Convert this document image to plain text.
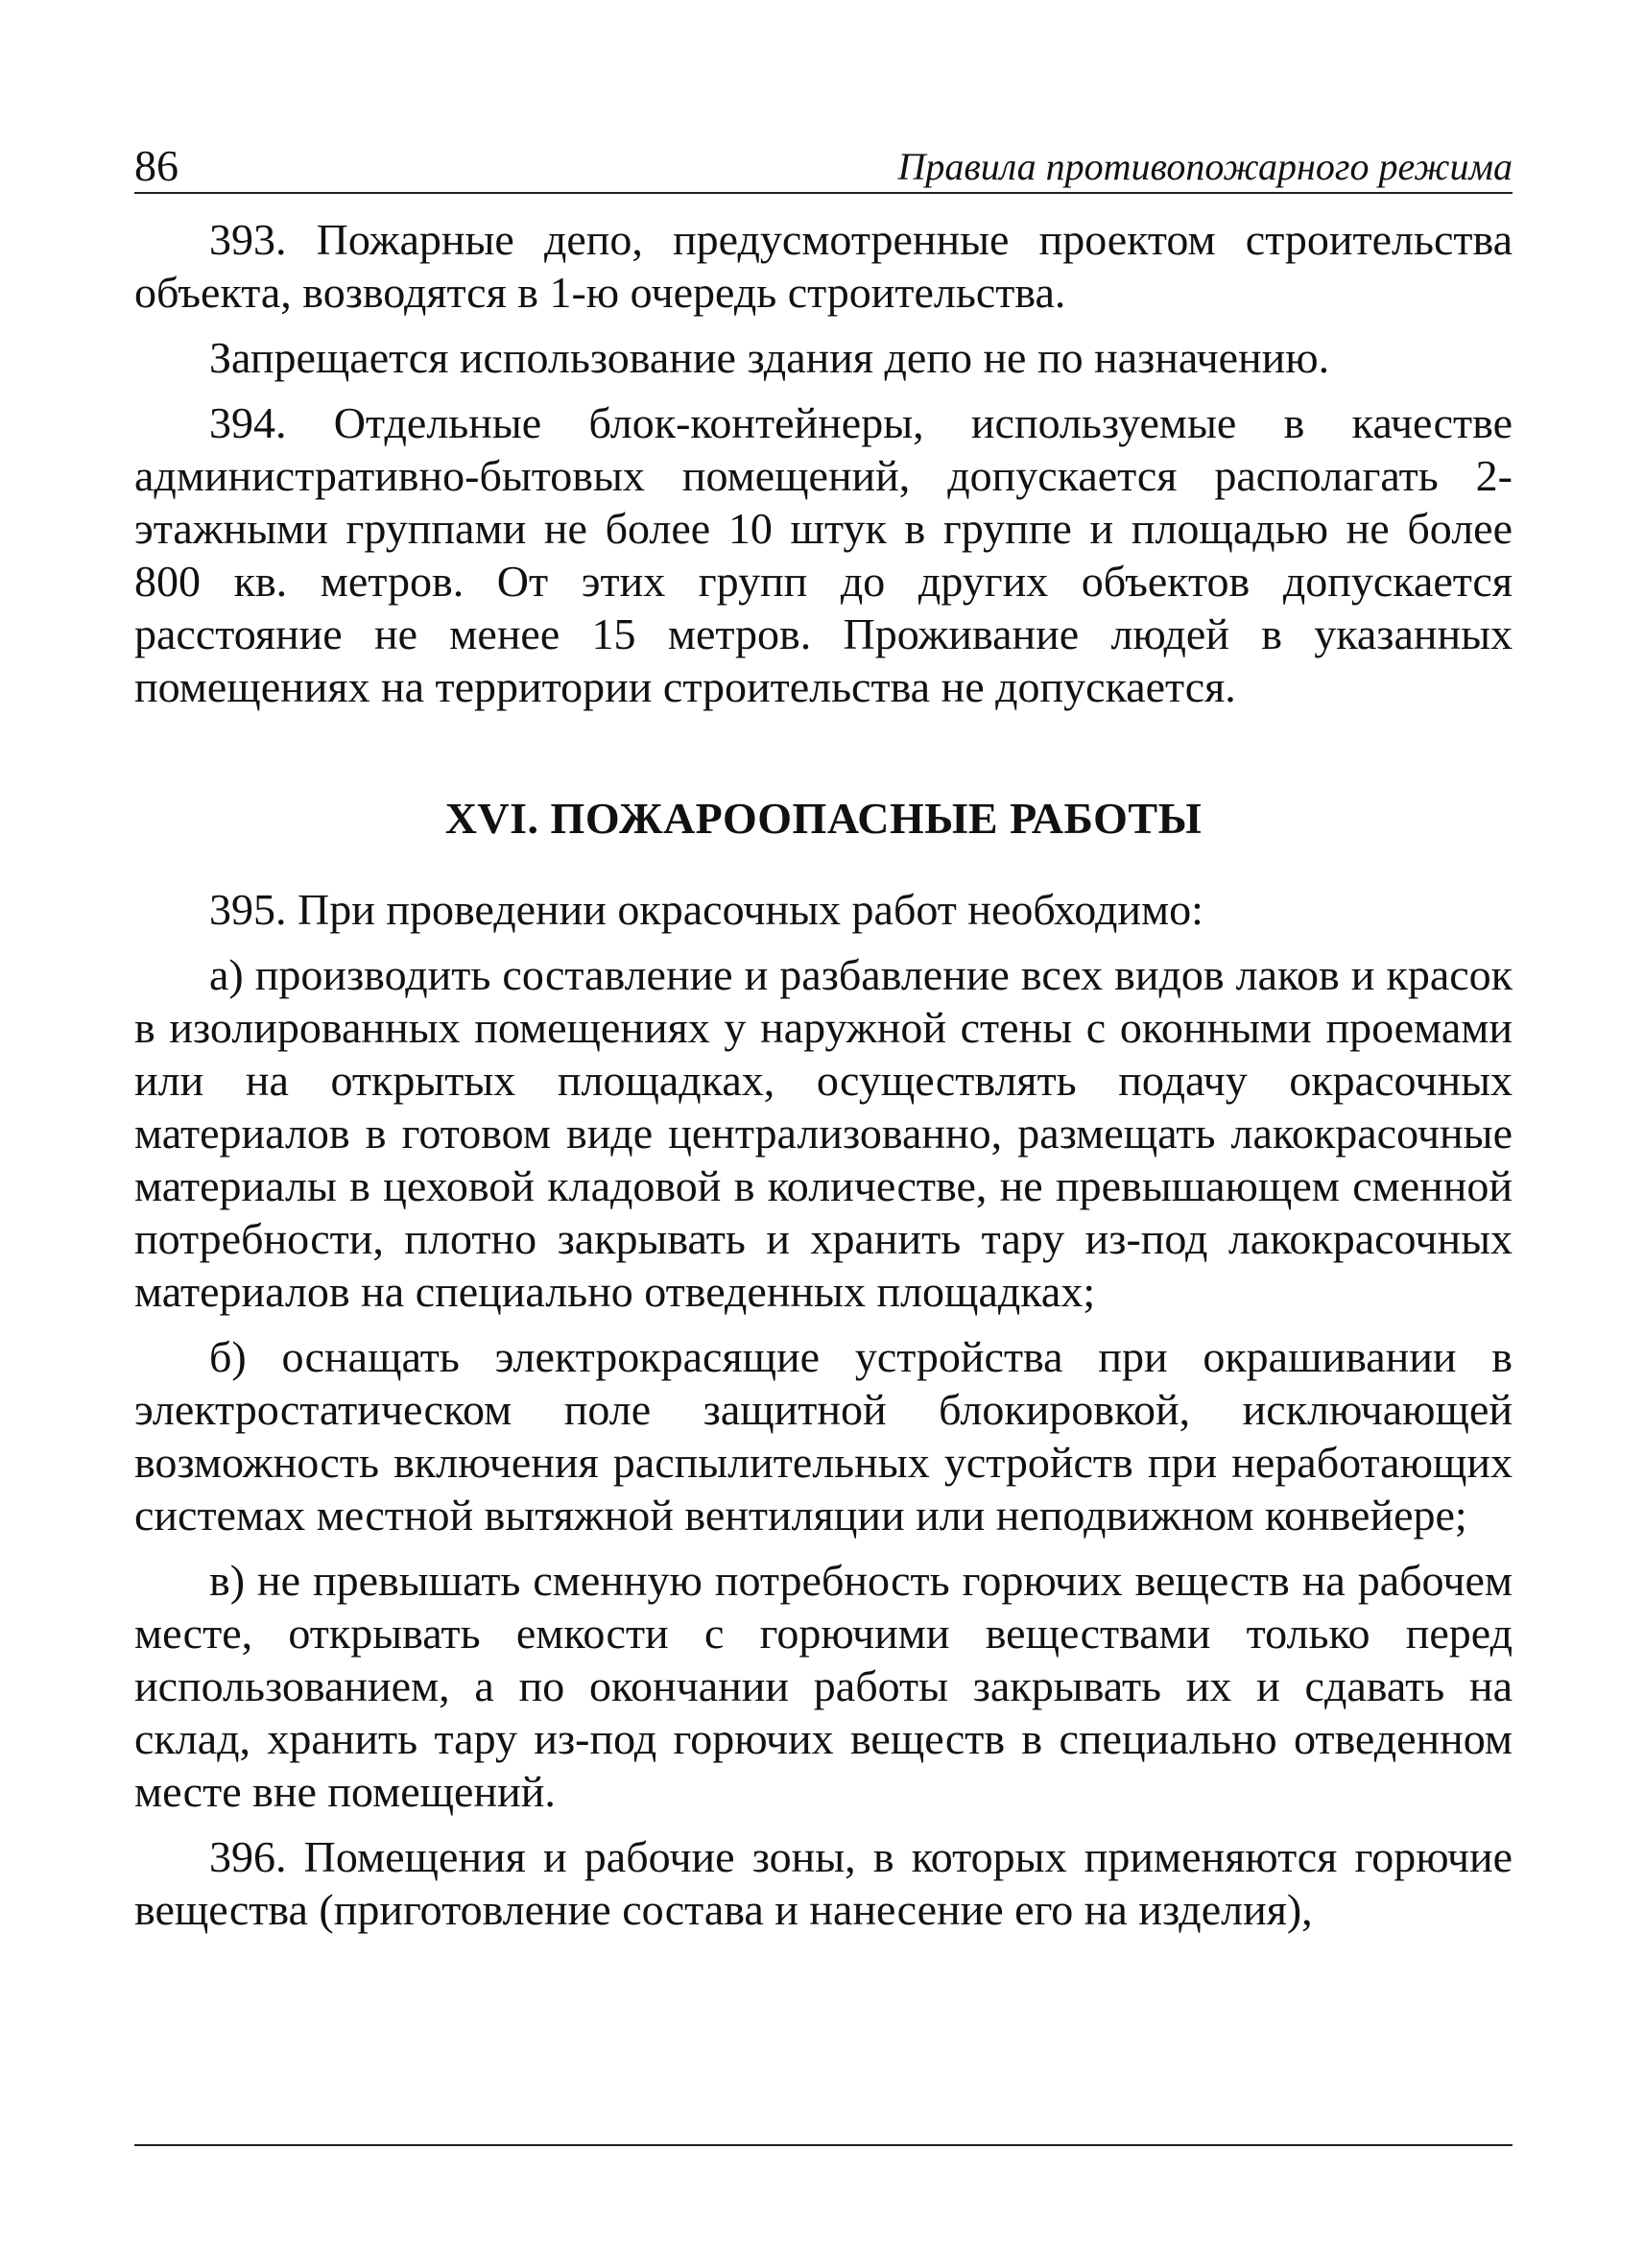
86	Правила противопожарного режима

393. Пожарные депо, предусмотренные проектом строительства объекта, возводятся в 1-ю очередь строительства.

Запрещается использование здания депо не по назначению.

394. Отдельные блок-контейнеры, используемые в качестве административно-бытовых помещений, допускается располагать 2-этажными группами не более 10 штук в группе и площадью не более 800 кв. метров. От этих групп до других объектов допускается расстояние не менее 15 метров. Проживание людей в указанных помещениях на территории строительства не допускается.

XVI. ПОЖАРООПАСНЫЕ РАБОТЫ

395. При проведении окрасочных работ необходимо:

а) производить составление и разбавление всех видов лаков и красок в изолированных помещениях у наружной стены с оконными проемами или на открытых площадках, осуществлять подачу окрасочных материалов в готовом виде централизованно, размещать лакокрасочные материалы в цеховой кладовой в количестве, не превышающем сменной потребности, плотно закрывать и хранить тару из-под лакокрасочных материалов на специально отведенных площадках;

б) оснащать электрокрасящие устройства при окрашивании в электростатическом поле защитной блокировкой, исключающей возможность включения распылительных устройств при неработающих системах местной вытяжной вентиляции или неподвижном конвейере;

в) не превышать сменную потребность горючих веществ на рабочем месте, открывать емкости с горючими веществами только перед использованием, а по окончании работы закрывать их и сдавать на склад, хранить тару из-под горючих веществ в специально отведенном месте вне помещений.

396. Помещения и рабочие зоны, в которых применяются горючие вещества (приготовление состава и нанесение его на изделия),
